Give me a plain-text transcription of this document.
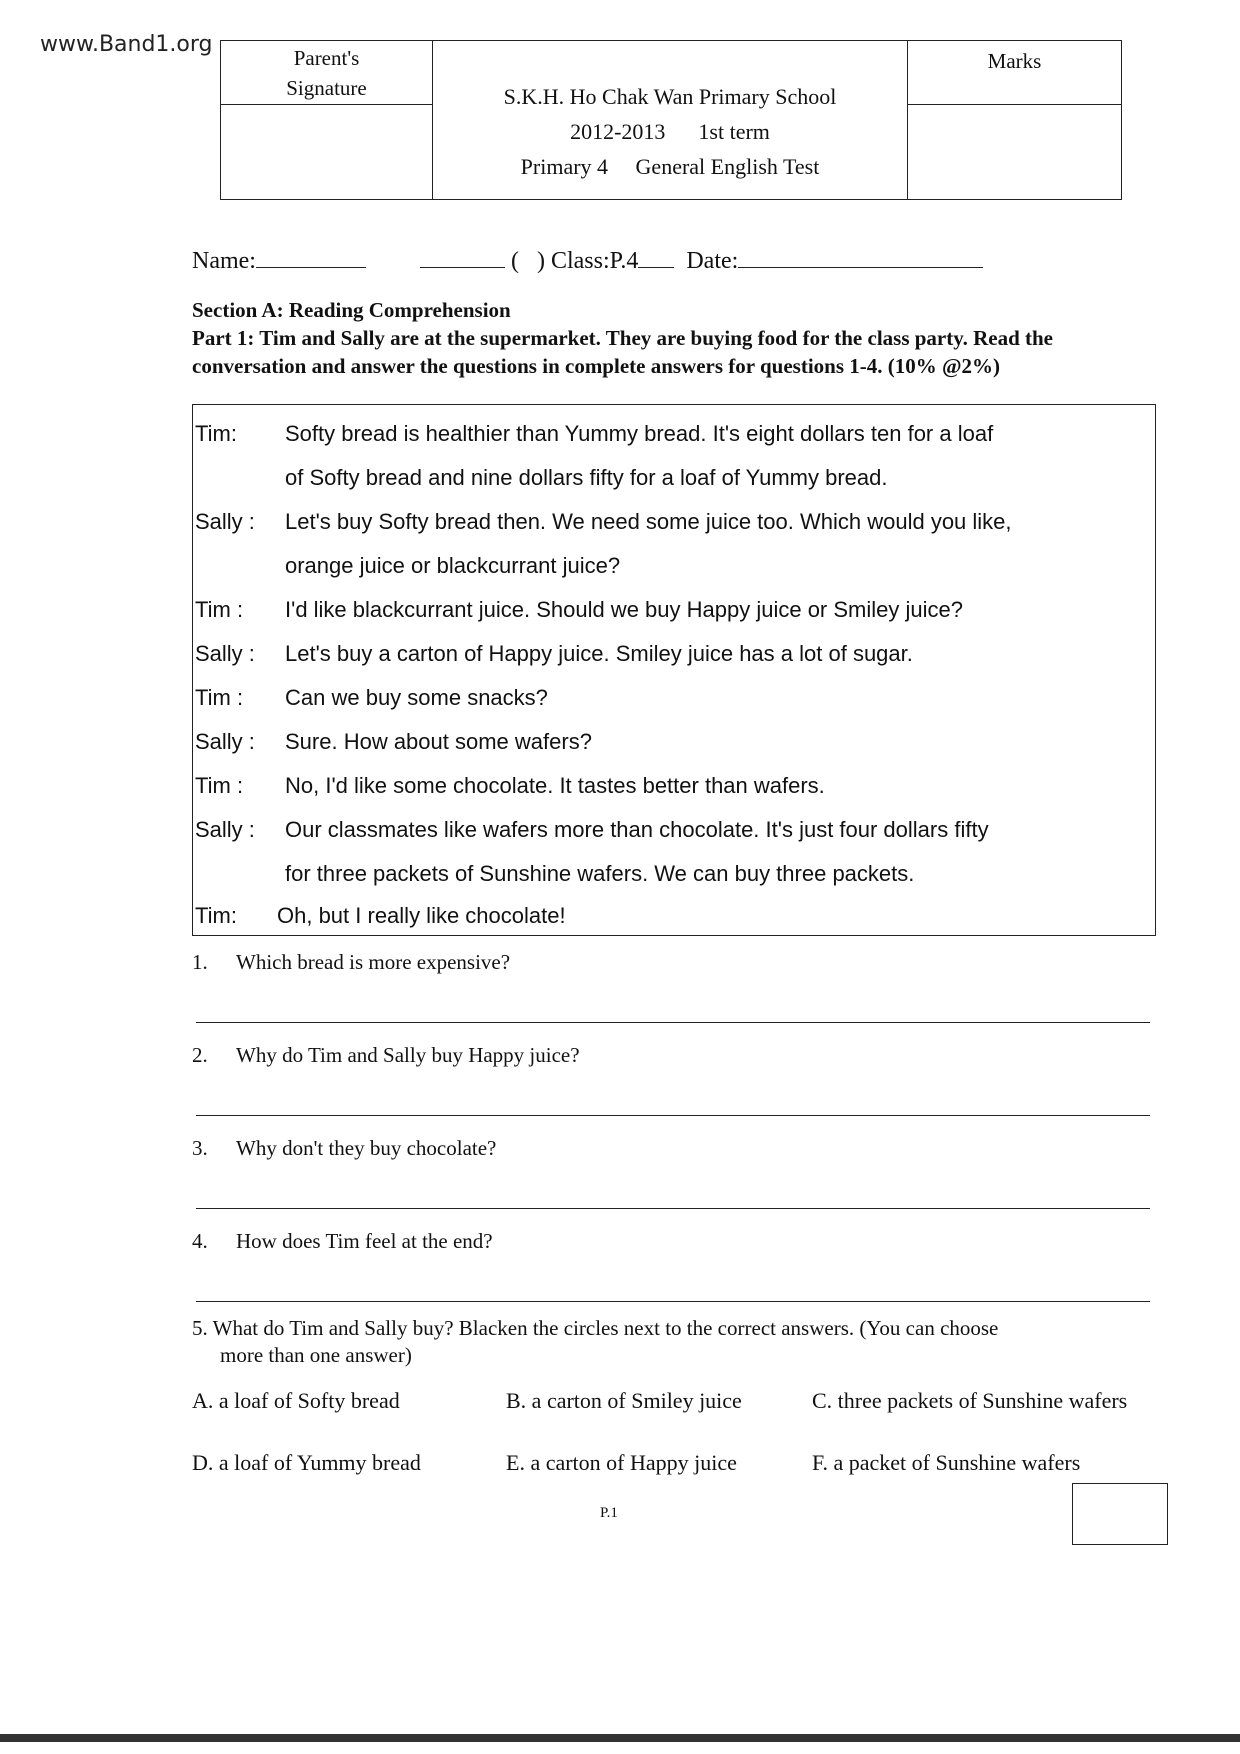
www.Band1.org
Parent's
Signature	S.K.H. Ho Chak Wan Primary School
2012-2013 1st term
Primary 4 General English Test
Marks
Name:	( ) Class:P.4 Date:
Section A: Reading Comprehension
Part 1: Tim and Sally are at the supermarket. They are buying food for the class party. Read the conversation and answer the questions in complete answers for questions 1-4. (10% @2%)
Tim: Softy bread is healthier than Yummy bread. It's eight dollars ten for a loaf
of Softy bread and nine dollars fifty for a loaf of Yummy bread.
Sally : Let's buy Softy bread then. We need some juice too. Which would you like,
orange juice or blackcurrant juice?
Tim : I'd like blackcurrant juice. Should we buy Happy juice or Smiley juice?
Sally : Let's buy a carton of Happy juice. Smiley juice has a lot of sugar.
Tim : Can we buy some snacks?
Sally : Sure. How about some wafers?
Tim : No, I'd like some chocolate. It tastes better than wafers.
Sally : Our classmates like wafers more than chocolate. It's just four dollars fifty
for three packets of Sunshine wafers. We can buy three packets.
Tim: Oh, but I really like chocolate!
1. Which bread is more expensive?
2. Why do Tim and Sally buy Happy juice?
3. Why don't they buy chocolate?
4. How does Tim feel at the end?
5. What do Tim and Sally buy? Blacken the circles next to the correct answers. (You can choose
more than one answer)
A. a loaf of Softy bread	B. a carton of Smiley juice	C. three packets of Sunshine wafers
D. a loaf of Yummy bread	E. a carton of Happy juice	F. a packet of Sunshine wafers
P.1
